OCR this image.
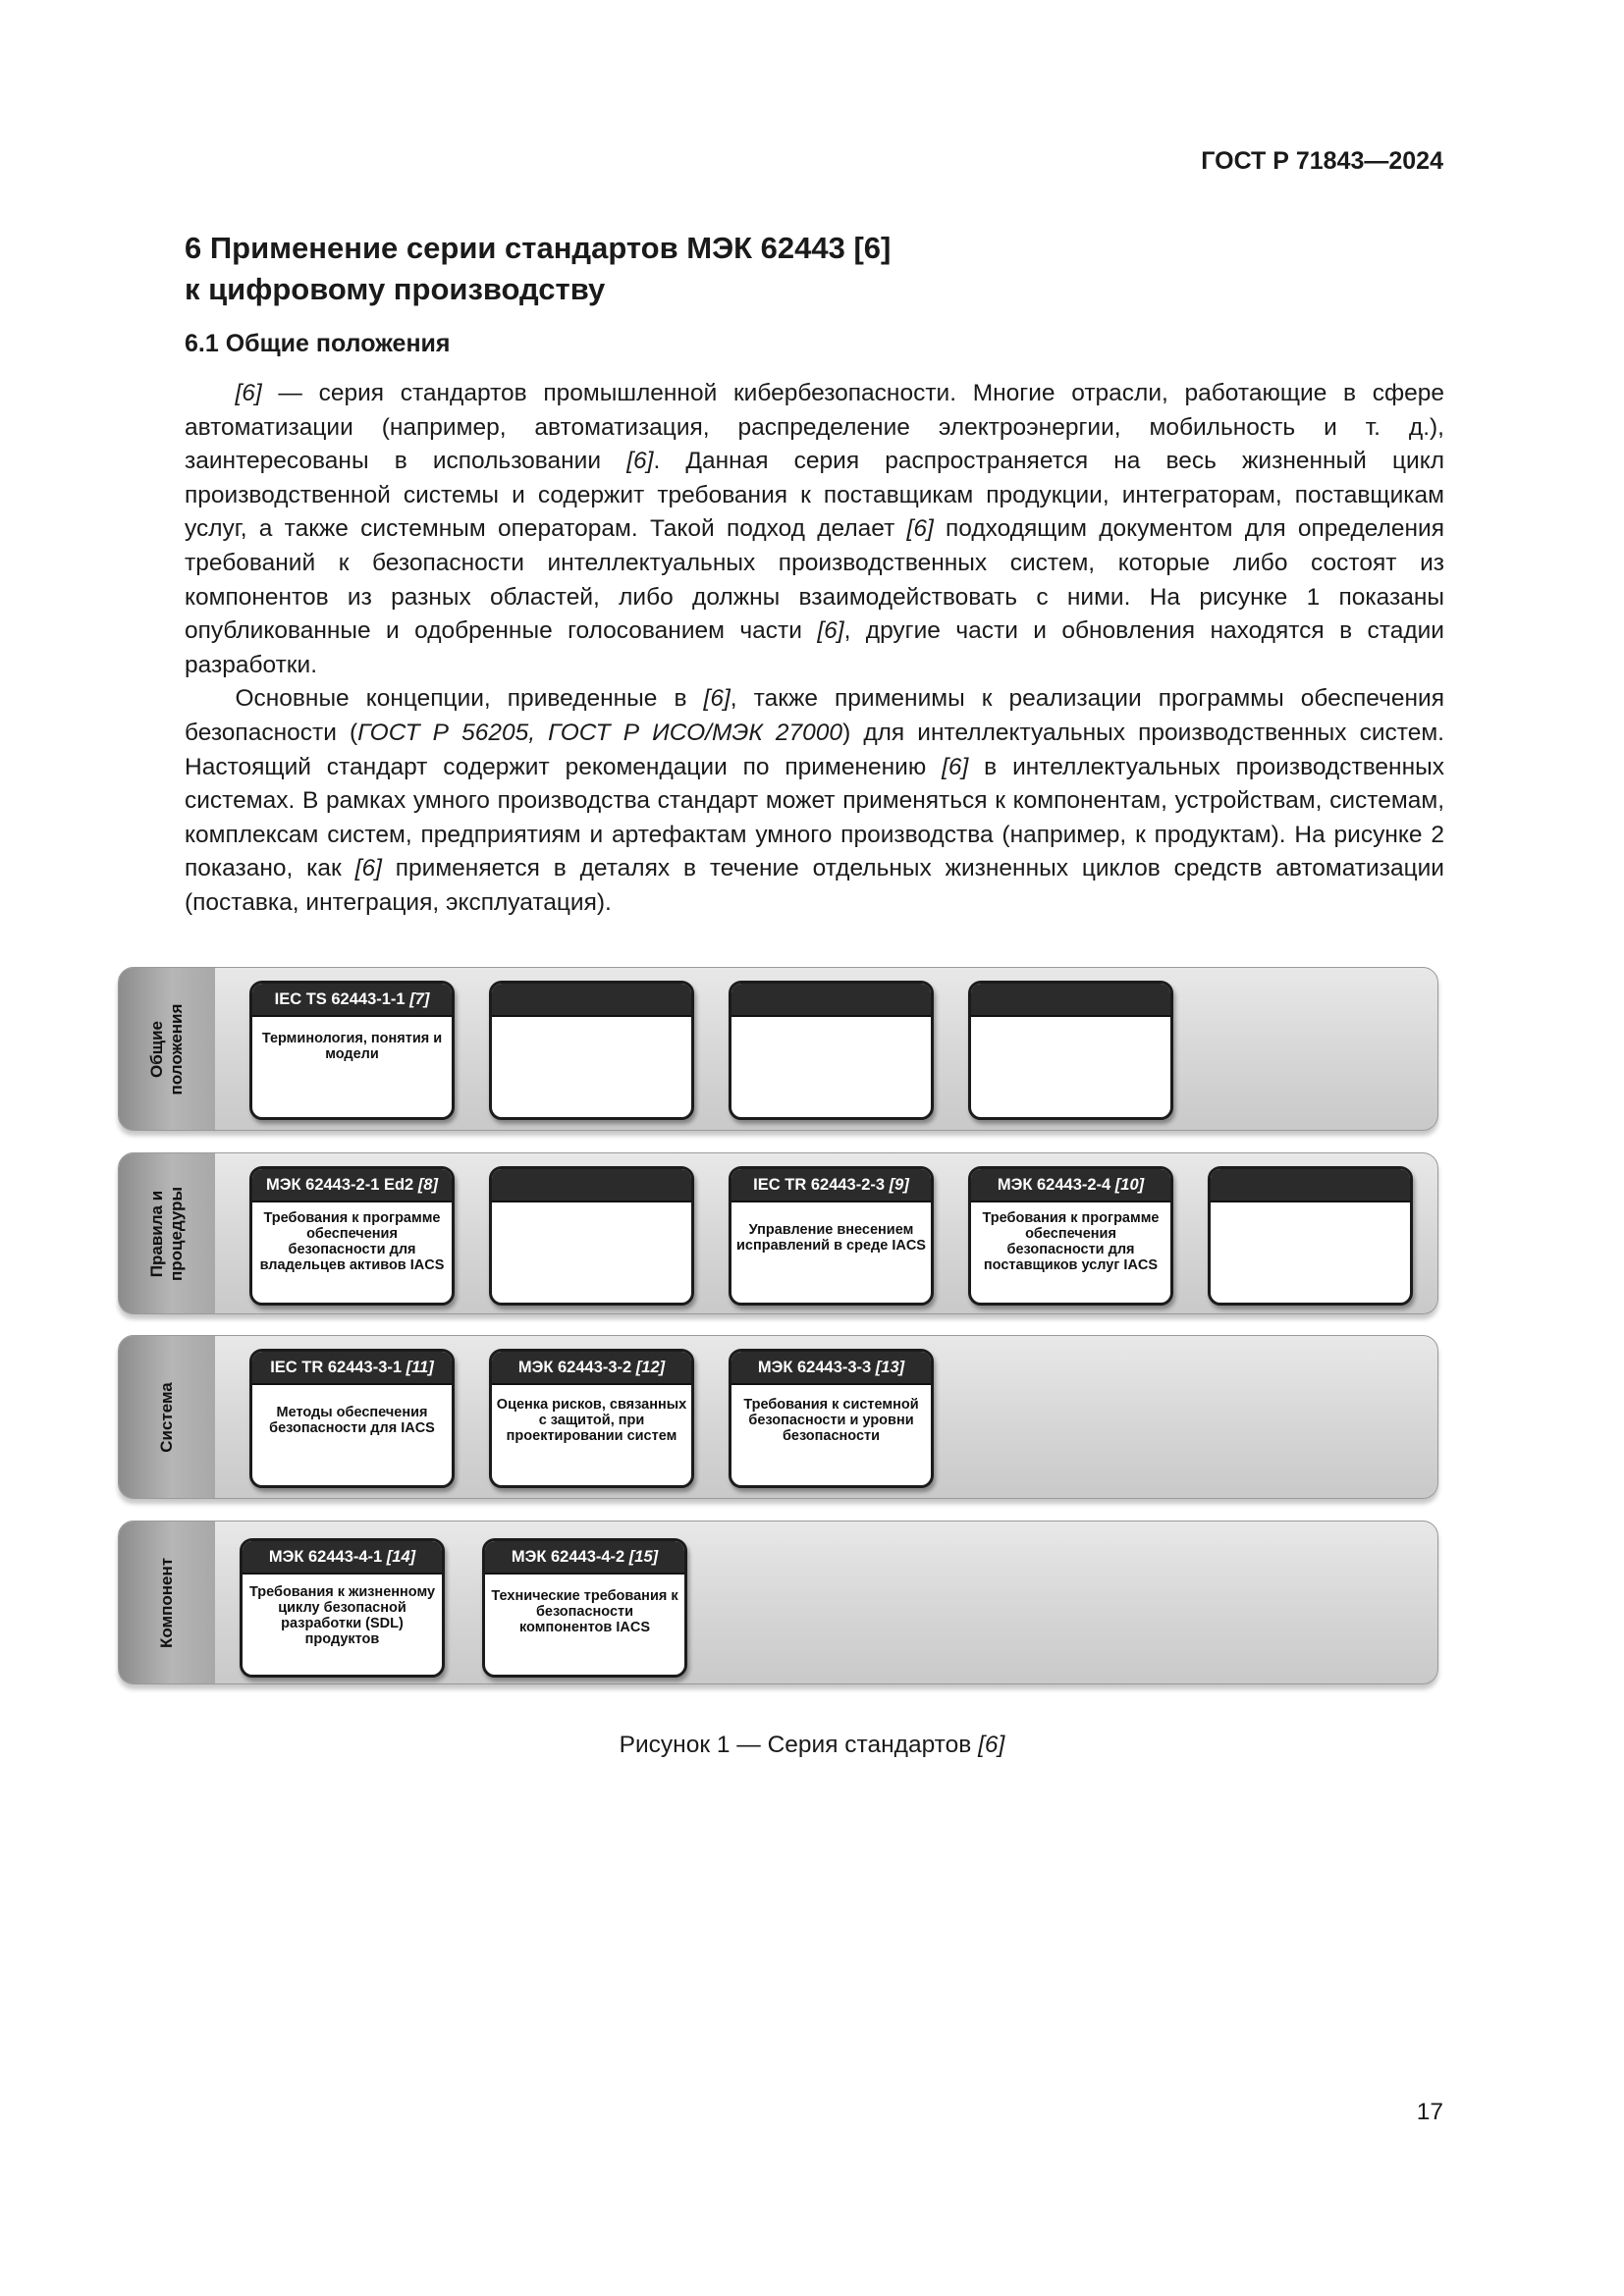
ГОСТ Р 71843—2024
6 Применение серии стандартов МЭК 62443 [6]
к цифровому производству
6.1 Общие положения

[6] — серия стандартов промышленной кибербезопасности. Многие отрасли, работающие в сфере автоматизации (например, автоматизация, распределение электроэнергии, мобильность и т. д.), заинтересованы в использовании [6]. Данная серия распространяется на весь жизненный цикл производственной системы и содержит требования к поставщикам продукции, интеграторам, поставщикам услуг, а также системным операторам. Такой подход делает [6] подходящим документом для определения требований к безопасности интеллектуальных производственных систем, которые либо состоят из компонентов из разных областей, либо должны взаимодействовать с ними. На рисунке 1 показаны опубликованные и одобренные голосованием части [6], другие части и обновления находятся в стадии разработки.

Основные концепции, приведенные в [6], также применимы к реализации программы обеспечения безопасности (ГОСТ Р 56205, ГОСТ Р ИСО/МЭК 27000) для интеллектуальных производственных систем. Настоящий стандарт содержит рекомендации по применению [6] в интеллектуальных производственных системах. В рамках умного производства стандарт может применяться к компонентам, устройствам, системам, комплексам систем, предприятиям и артефактам умного производства (например, к продуктам). На рисунке 2 показано, как [6] применяется в деталях в течение отдельных жизненных циклов средств автоматизации (поставка, интеграция, эксплуатация).

Общие
положения
IEC TS 62443-1-1 [7]
Терминология, понятия и модели
Правила и
процедуры
МЭК 62443-2-1 Ed2 [8]
Требования к программе обеспечения безопасности для владельцев активов IACS
IEC TR 62443-2-3 [9]
Управление внесением исправлений в среде IACS
МЭК 62443-2-4 [10]
Требования к программе обеспечения безопасности для поставщиков услуг IACS
Система
IEC TR 62443-3-1 [11]
Методы обеспечения безопасности для IACS
МЭК 62443-3-2 [12]
Оценка рисков, связанных с защитой, при проектировании систем
МЭК 62443-3-3 [13]
Требования к системной безопасности и уровни безопасности
Компонент
МЭК 62443-4-1 [14]
Требования к жизненному циклу безопасной разработки (SDL) продуктов
МЭК 62443-4-2 [15]
Технические требования к безопасности компонентов IACS
Рисунок 1 — Серия стандартов [6]
17
